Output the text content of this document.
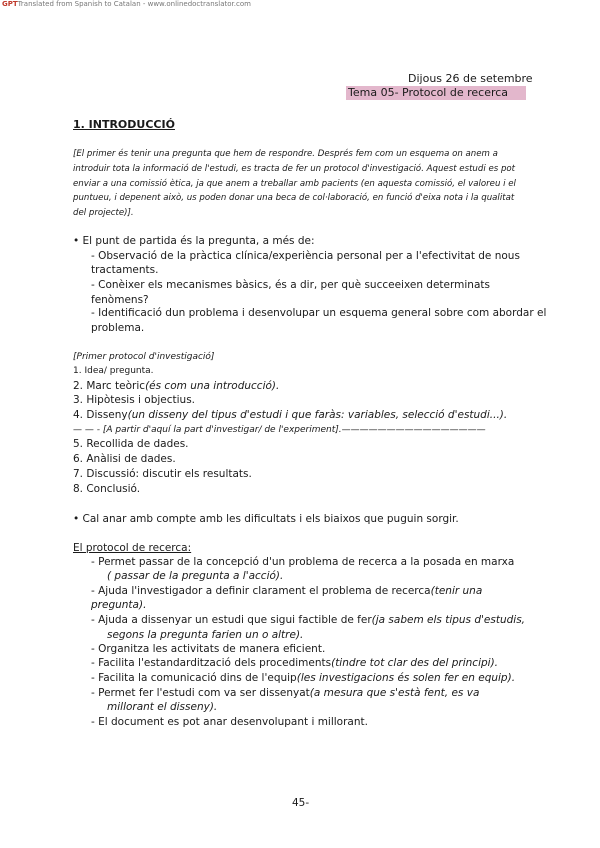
GPTTranslated from Spanish to Catalan - www.onlinedoctranslator.com
Dijous 26 de setembre
Tema 05- Protocol de recerca
1. INTRODUCCIÓ
[El primer és tenir una pregunta que hem de respondre. Després fem com un esquema on anem a introduir tota la informació de l'estudi, es tracta de fer un protocol d'investigació. Aquest estudi es pot enviar a una comissió ètica, ja que anem a treballar amb pacients (en aquesta comissió, el valoreu i el puntueu, i depenent això, us poden donar una beca de col·laboració, en funció d'eixa nota i la qualitat del projecte)].
• El punt de partida és la pregunta, a més de:
- Observació de la pràctica clínica/experiència personal per a l'efectivitat de nous
tractaments.
- Conèixer els mecanismes bàsics, és a dir, per què succeeixen determinats
fenòmens?
- Identificació dun problema i desenvolupar un esquema general sobre com abordar el
problema.
[Primer protocol d'investigació]
1. Idea/ pregunta.
2. Marc teòric(és com una introducció).
3. Hipòtesis i objectius.
4. Disseny(un disseny del tipus d'estudi i que faràs: variables, selecció d'estudi...).
— — - [A partir d'aquí la part d'investigar/ de l'experiment].————————————————
5. Recollida de dades.
6. Anàlisi de dades.
7. Discussió: discutir els resultats.
8. Conclusió.
• Cal anar amb compte amb les dificultats i els biaixos que puguin sorgir.
El protocol de recerca:
- Permet passar de la concepció d'un problema de recerca a la posada en marxa
( passar de la pregunta a l'acció).
- Ajuda l'investigador a definir clarament el problema de recerca(tenir una
pregunta).
- Ajuda a dissenyar un estudi que sigui factible de fer(ja sabem els tipus d'estudis,
segons la pregunta farien un o altre).
- Organitza les activitats de manera eficient.
- Facilita l'estandardització dels procediments(tindre tot clar des del principi).
- Facilita la comunicació dins de l'equip(les investigacions és solen fer en equip).
- Permet fer l'estudi com va ser dissenyat(a mesura que s'està fent, es va
millorant el disseny).
- El document es pot anar desenvolupant i millorant.
45-
